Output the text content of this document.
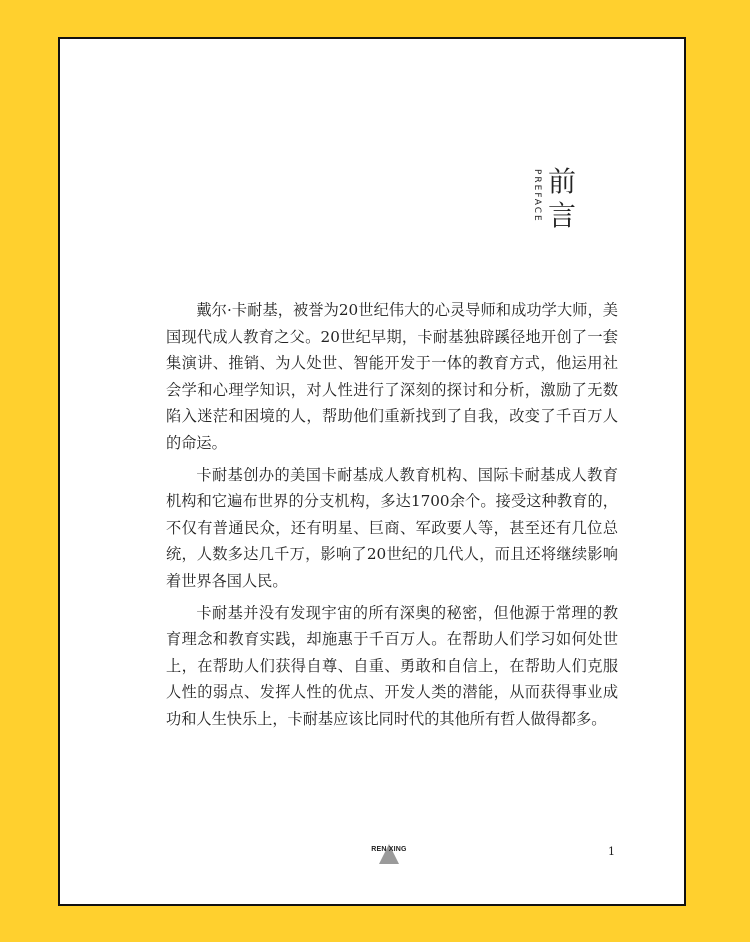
PREFACE 前言

戴尔·卡耐基，被誉为20世纪伟大的心灵导师和成功学大师，美国现代成人教育之父。20世纪早期，卡耐基独辟蹊径地开创了一套集演讲、推销、为人处世、智能开发于一体的教育方式，他运用社会学和心理学知识，对人性进行了深刻的探讨和分析，激励了无数陷入迷茫和困境的人，帮助他们重新找到了自我，改变了千百万人的命运。

卡耐基创办的美国卡耐基成人教育机构、国际卡耐基成人教育机构和它遍布世界的分支机构，多达1700余个。接受这种教育的，不仅有普通民众，还有明星、巨商、军政要人等，甚至还有几位总统，人数多达几千万，影响了20世纪的几代人，而且还将继续影响着世界各国人民。

卡耐基并没有发现宇宙的所有深奥的秘密，但他源于常理的教育理念和教育实践，却施惠于千百万人。在帮助人们学习如何处世上，在帮助人们获得自尊、自重、勇敢和自信上，在帮助人们克服人性的弱点、发挥人性的优点、开发人类的潜能，从而获得事业成功和人生快乐上，卡耐基应该比同时代的其他所有哲人做得都多。

REN XING	1
